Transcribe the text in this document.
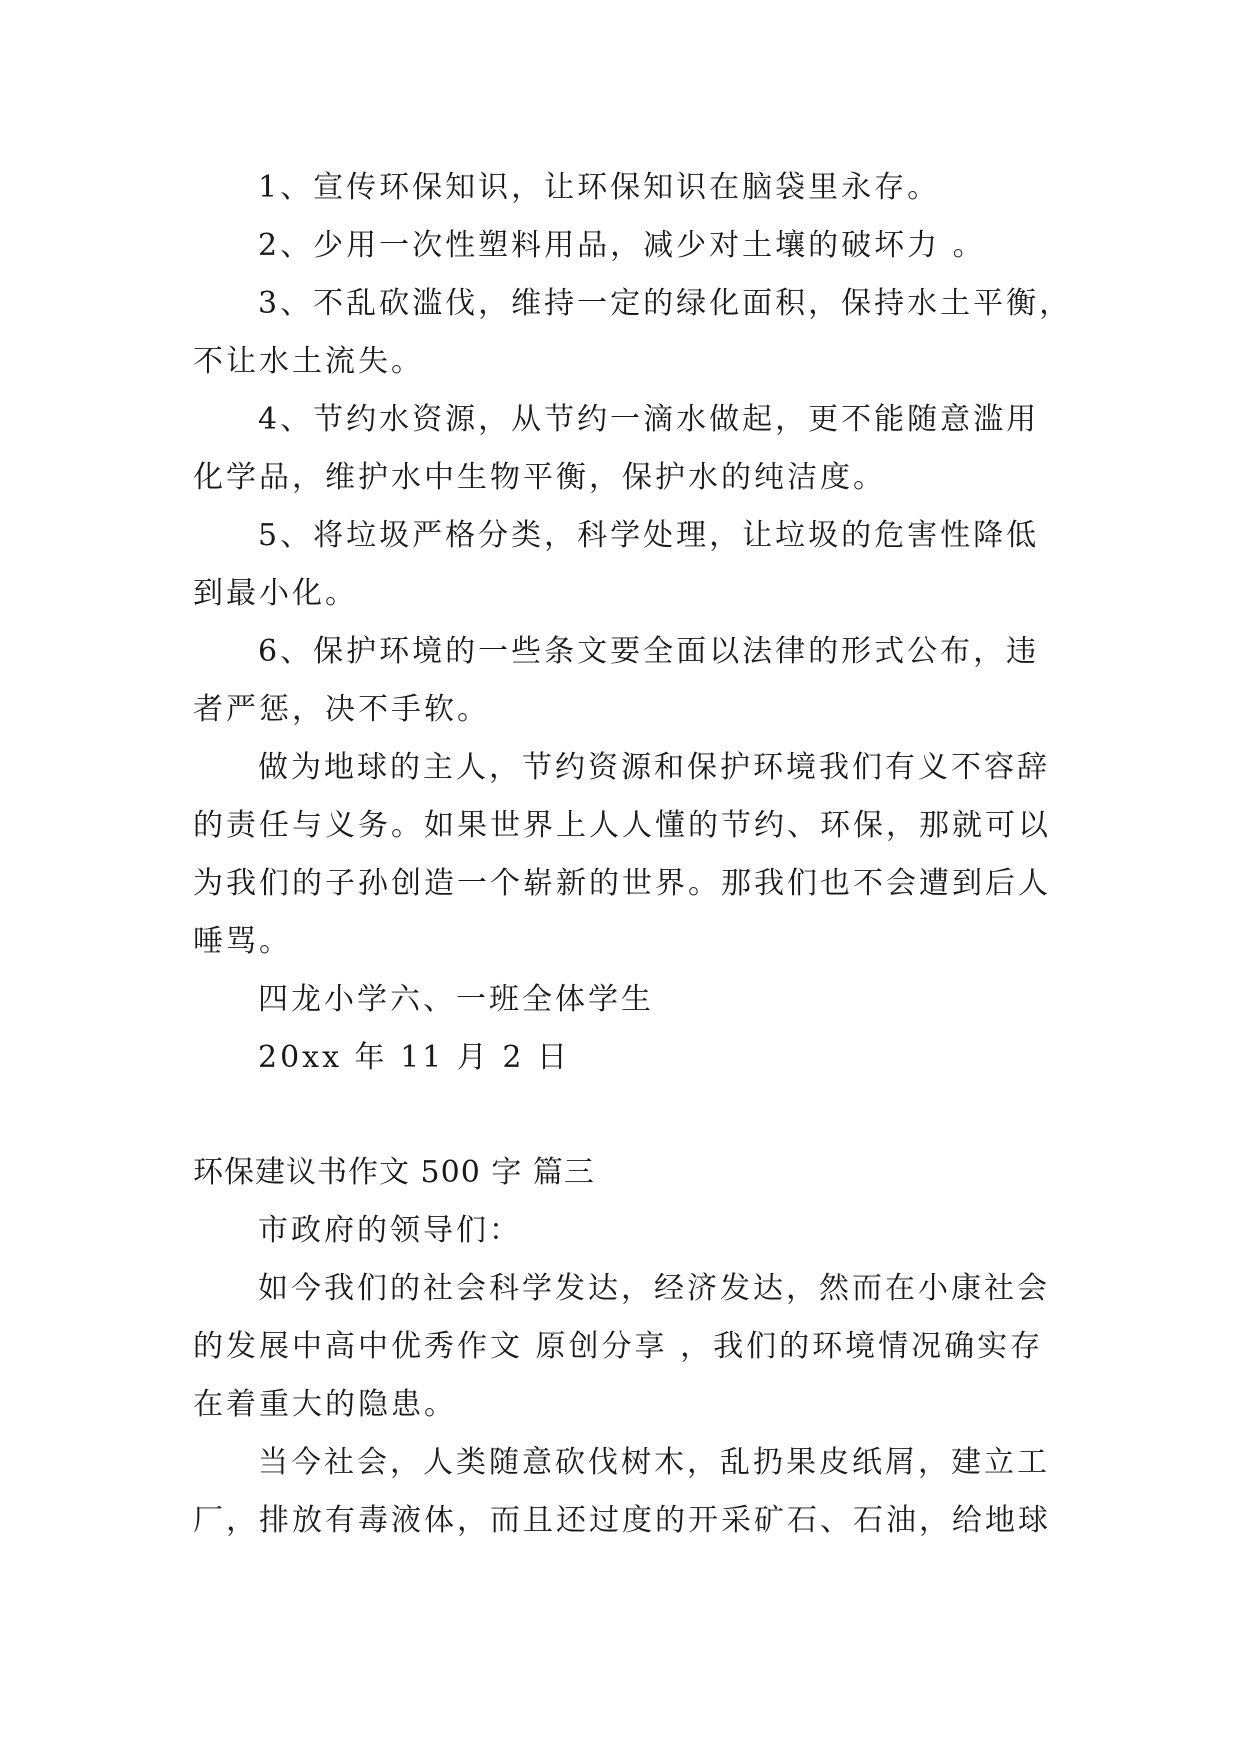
1、宣传环保知识，让环保知识在脑袋里永存。
2、少用一次性塑料用品，减少对土壤的破坏力 。
3、不乱砍滥伐，维持一定的绿化面积，保持水土平衡，
不让水土流失。
4、节约水资源，从节约一滴水做起，更不能随意滥用
化学品，维护水中生物平衡，保护水的纯洁度。
5、将垃圾严格分类，科学处理，让垃圾的危害性降低
到最小化。
6、保护环境的一些条文要全面以法律的形式公布，违
者严惩，决不手软。
做为地球的主人，节约资源和保护环境我们有义不容辞
的责任与义务。如果世界上人人懂的节约、环保，那就可以
为我们的子孙创造一个崭新的世界。那我们也不会遭到后人
唾骂。
四龙小学六、一班全体学生
20xx 年 11 月 2 日
环保建议书作文 500 字 篇三
市政府的领导们：
如今我们的社会科学发达，经济发达，然而在小康社会
的发展中高中优秀作文 原创分享 ，我们的环境情况确实存
在着重大的隐患。
当今社会，人类随意砍伐树木，乱扔果皮纸屑，建立工
厂，排放有毒液体，而且还过度的开采矿石、石油，给地球
